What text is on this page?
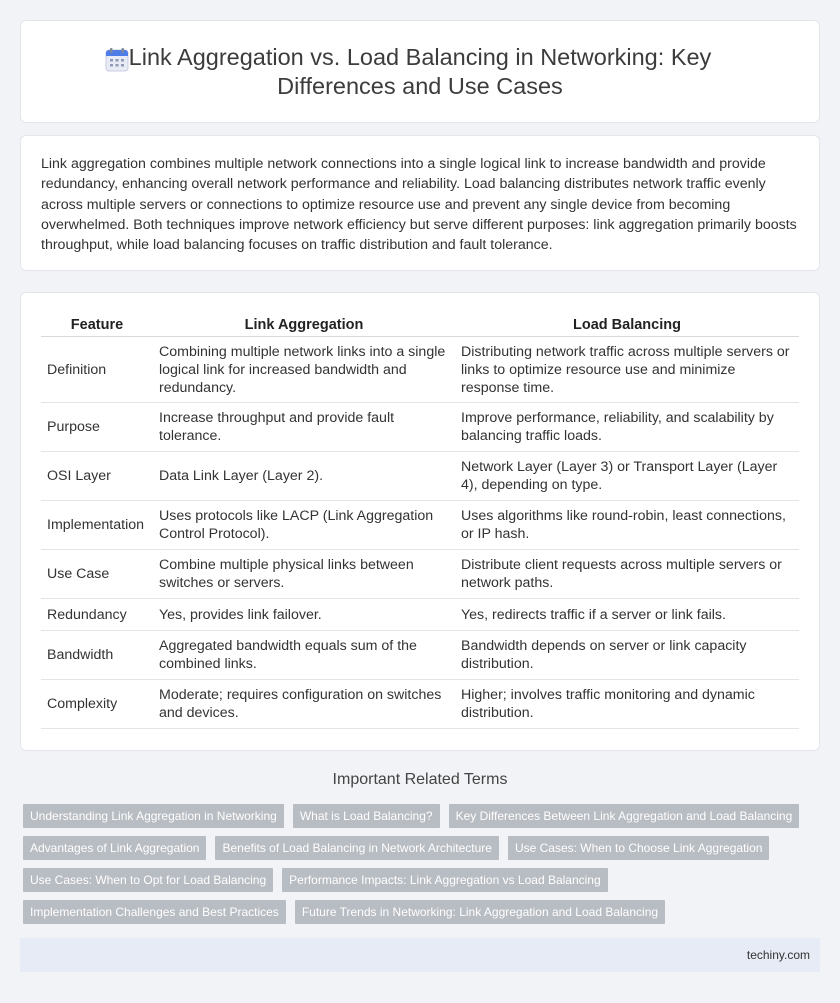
Link Aggregation vs. Load Balancing in Networking: Key Differences and Use Cases

Link aggregation combines multiple network connections into a single logical link to increase bandwidth and provide redundancy, enhancing overall network performance and reliability. Load balancing distributes network traffic evenly across multiple servers or connections to optimize resource use and prevent any single device from becoming overwhelmed. Both techniques improve network efficiency but serve different purposes: link aggregation primarily boosts throughput, while load balancing focuses on traffic distribution and fault tolerance.

Feature	Link Aggregation	Load Balancing
Definition	Combining multiple network links into a single logical link for increased bandwidth and redundancy.	Distributing network traffic across multiple servers or links to optimize resource use and minimize response time.
Purpose	Increase throughput and provide fault tolerance.	Improve performance, reliability, and scalability by balancing traffic loads.
OSI Layer	Data Link Layer (Layer 2).	Network Layer (Layer 3) or Transport Layer (Layer 4), depending on type.
Implementation	Uses protocols like LACP (Link Aggregation Control Protocol).	Uses algorithms like round-robin, least connections, or IP hash.
Use Case	Combine multiple physical links between switches or servers.	Distribute client requests across multiple servers or network paths.
Redundancy	Yes, provides link failover.	Yes, redirects traffic if a server or link fails.
Bandwidth	Aggregated bandwidth equals sum of the combined links.	Bandwidth depends on server or link capacity distribution.
Complexity	Moderate; requires configuration on switches and devices.	Higher; involves traffic monitoring and dynamic distribution.
Important Related Terms
Understanding Link Aggregation in Networking	What is Load Balancing?	Key Differences Between Link Aggregation and Load Balancing
Advantages of Link Aggregation	Benefits of Load Balancing in Network Architecture	Use Cases: When to Choose Link Aggregation
Use Cases: When to Opt for Load Balancing	Performance Impacts: Link Aggregation vs Load Balancing
Implementation Challenges and Best Practices	Future Trends in Networking: Link Aggregation and Load Balancing
techiny.com
